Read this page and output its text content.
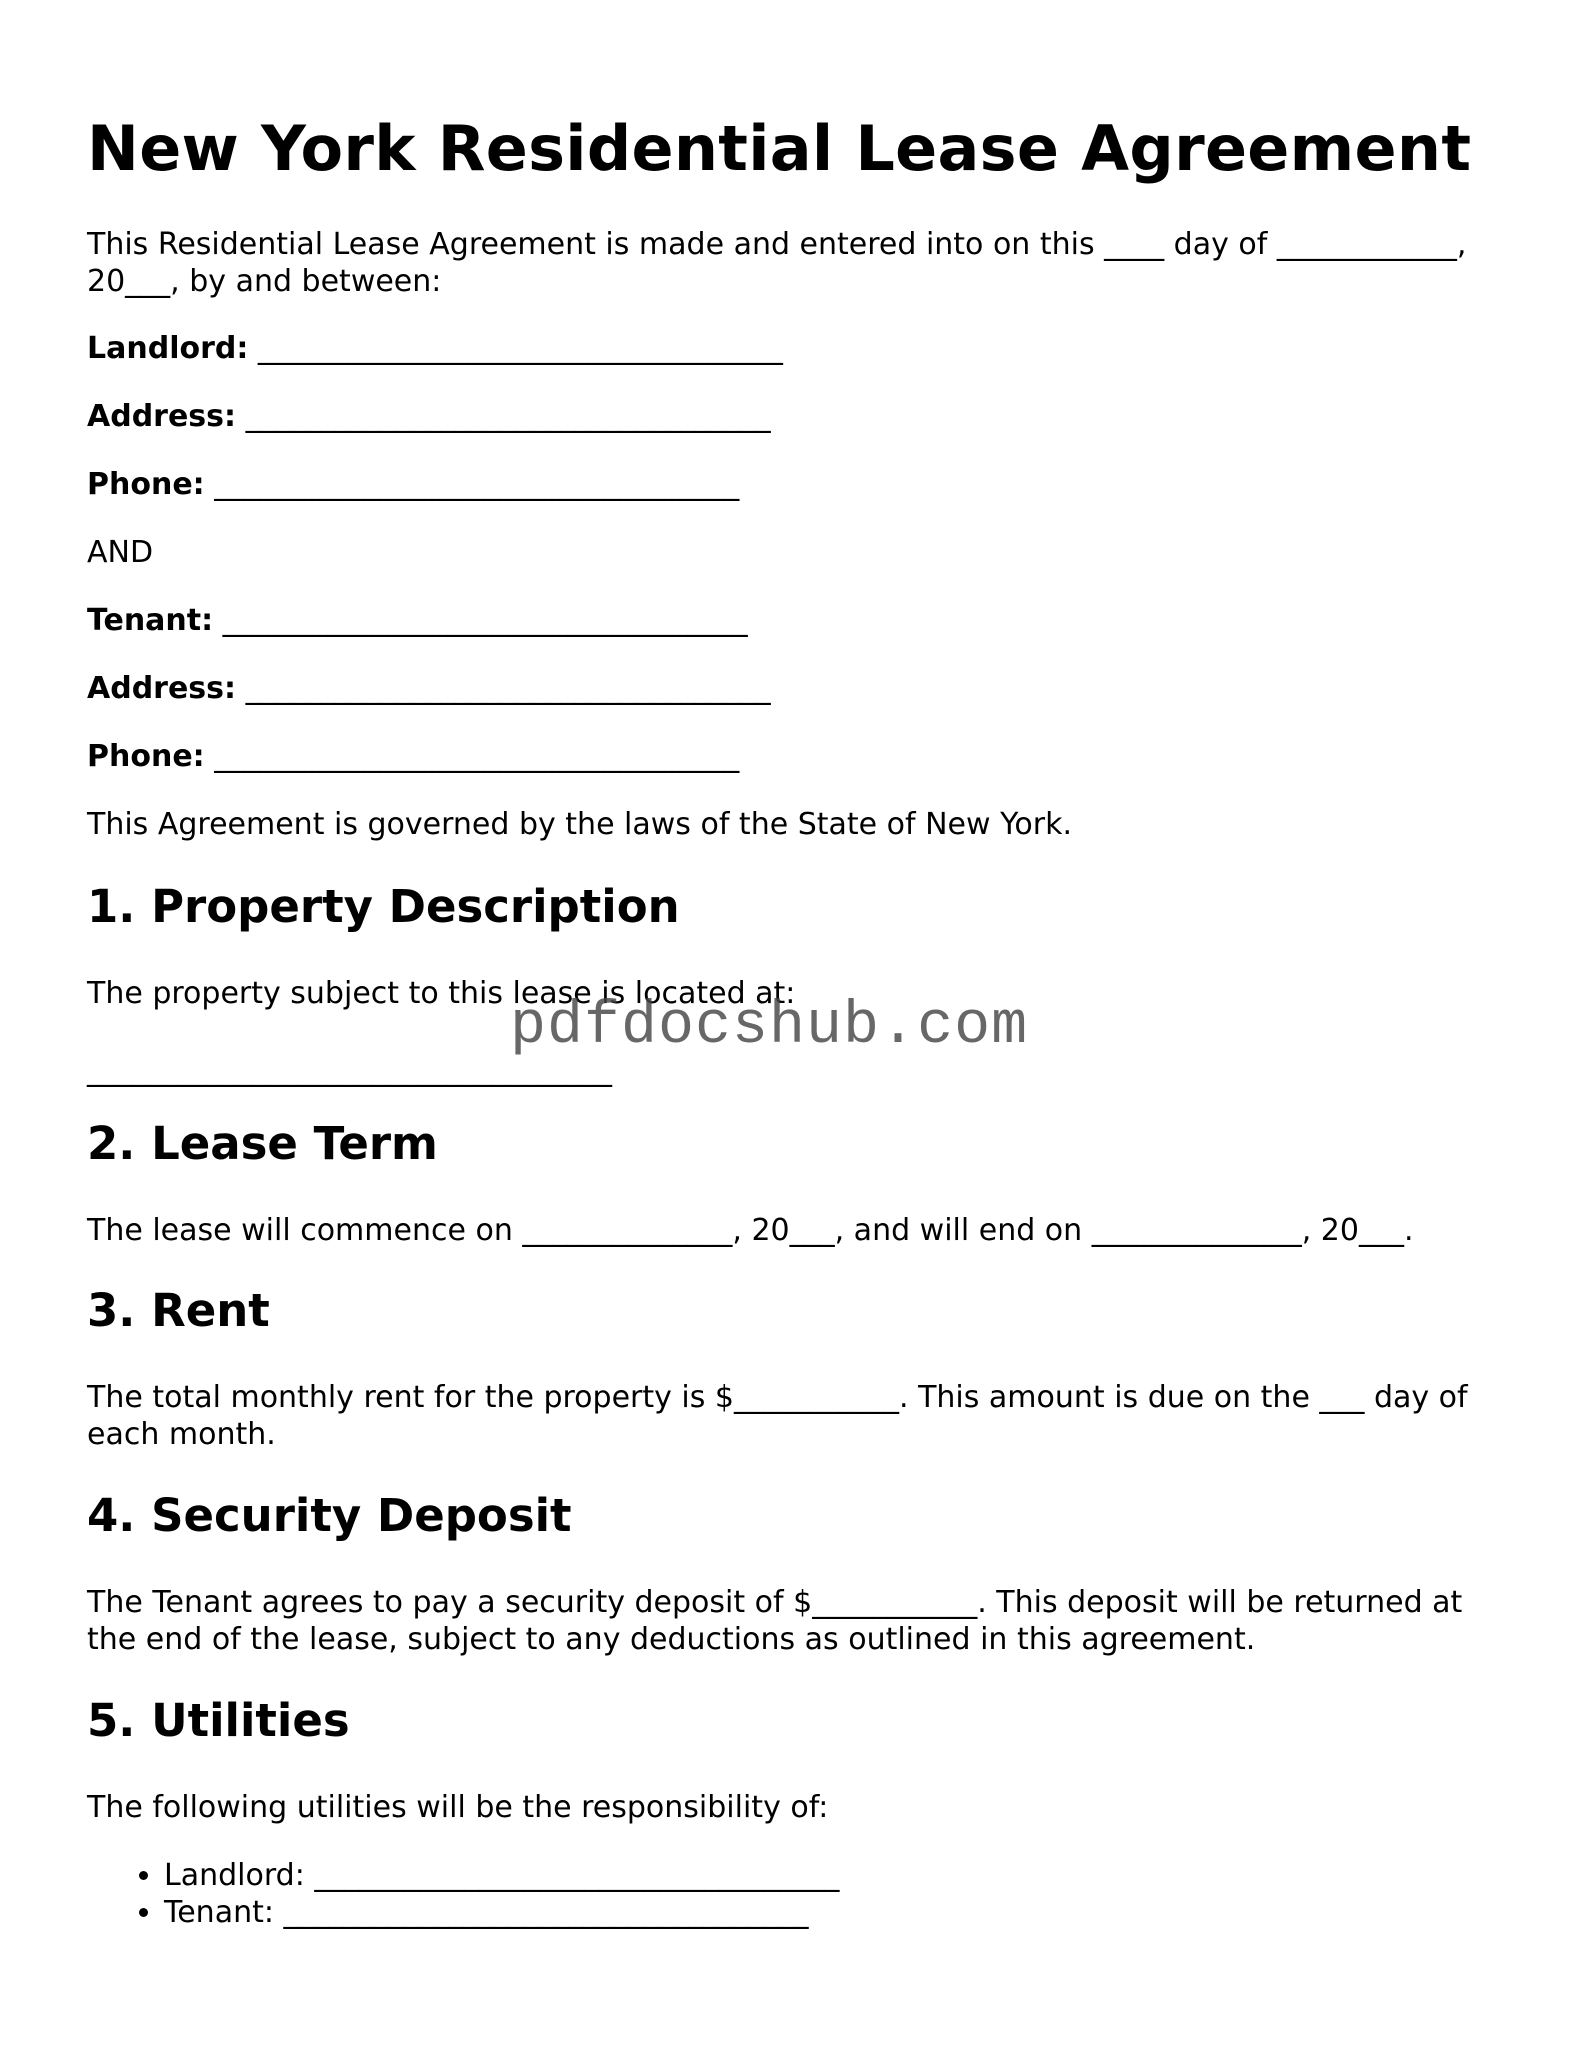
New York Residential Lease Agreement
This Residential Lease Agreement is made and entered into on this ____ day of ____________, 20___, by and between:
Landlord: ___________________________________
Address: ___________________________________
Phone: ___________________________________
AND
Tenant: ___________________________________
Address: ___________________________________
Phone: ___________________________________
This Agreement is governed by the laws of the State of New York.
1. Property Description
The property subject to this lease is located at:
___________________________________
2. Lease Term
The lease will commence on ______________, 20___, and will end on ______________, 20___.
3. Rent
The total monthly rent for the property is $___________. This amount is due on the ___ day of each month.
4. Security Deposit
The Tenant agrees to pay a security deposit of $___________. This deposit will be returned at the end of the lease, subject to any deductions as outlined in this agreement.
5. Utilities
The following utilities will be the responsibility of:
• Landlord: ___________________________________
• Tenant: ___________________________________
pdfdocshub.com
